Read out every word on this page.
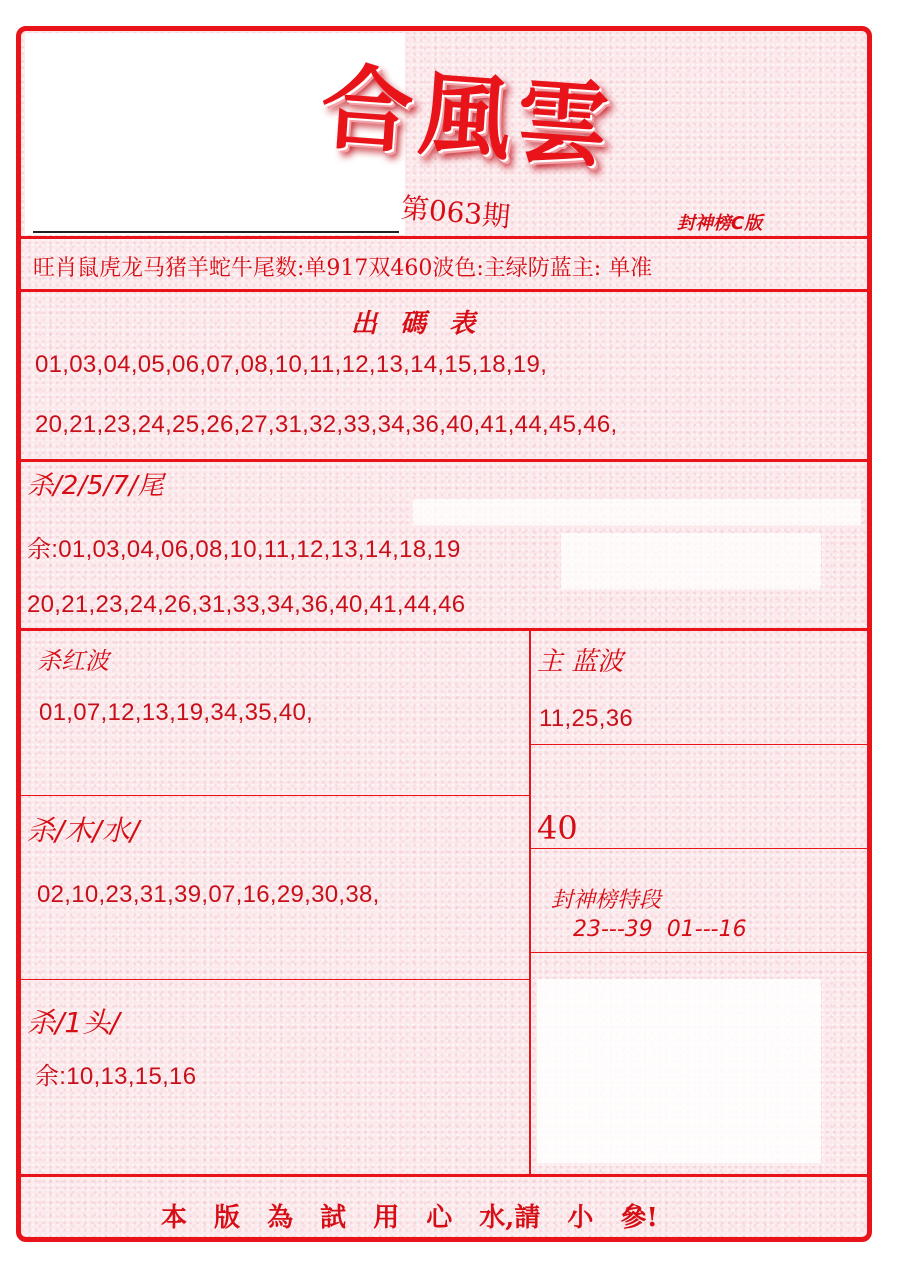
合風雲
第063期	封神榜C版
旺肖鼠虎龙马猪羊蛇牛尾数:单917双460波色:主绿防蓝主: 单准
出 碼 表
01,03,04,05,06,07,08,10,11,12,13,14,15,18,19,
20,21,23,24,25,26,27,31,32,33,34,36,40,41,44,45,46,
杀/2/5/7/尾
余:01,03,04,06,08,10,11,12,13,14,18,19
20,21,23,24,26,31,33,34,36,40,41,44,46
杀红波
01,07,12,13,19,34,35,40,
主 蓝波
11,25,36
40
杀/木/水/
02,10,23,31,39,07,16,29,30,38,	封神榜特段
23---39  01---16
杀/1头/
余:10,13,15,16
本 版 為 試 用 心 水,請 小 參!
